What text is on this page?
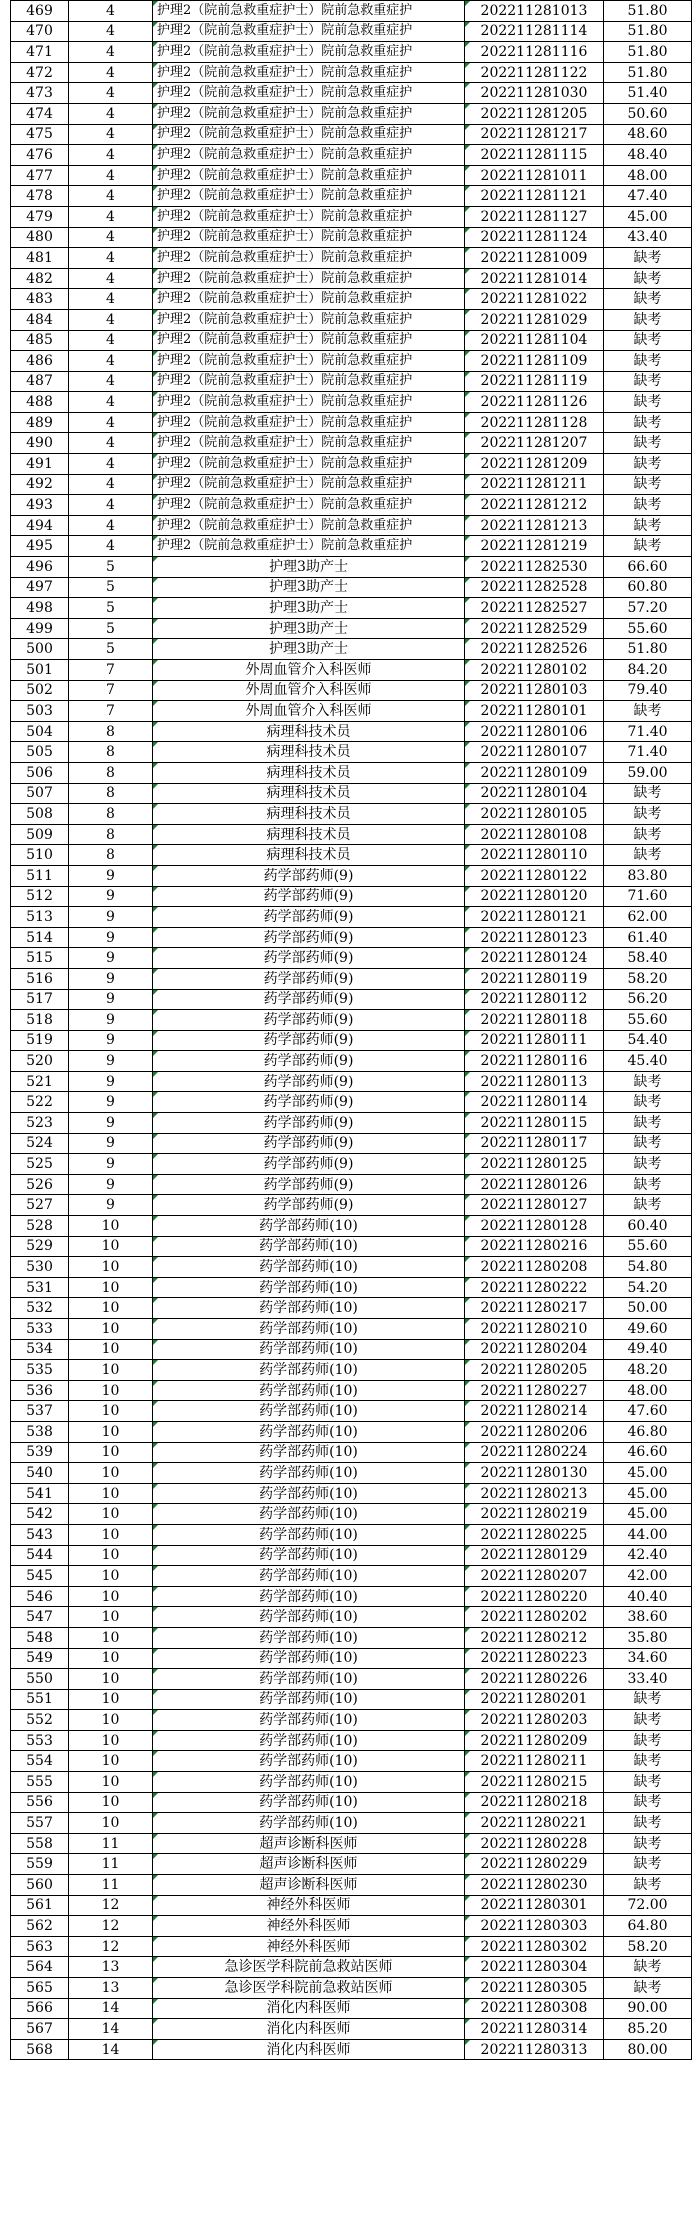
469	4	护理2（院前急救重症护士）院前急救重症护	202211281013	51.80
470	4	护理2（院前急救重症护士）院前急救重症护	202211281114	51.80
471	4	护理2（院前急救重症护士）院前急救重症护	202211281116	51.80
472	4	护理2（院前急救重症护士）院前急救重症护	202211281122	51.80
473	4	护理2（院前急救重症护士）院前急救重症护	202211281030	51.40
474	4	护理2（院前急救重症护士）院前急救重症护	202211281205	50.60
475	4	护理2（院前急救重症护士）院前急救重症护	202211281217	48.60
476	4	护理2（院前急救重症护士）院前急救重症护	202211281115	48.40
477	4	护理2（院前急救重症护士）院前急救重症护	202211281011	48.00
478	4	护理2（院前急救重症护士）院前急救重症护	202211281121	47.40
479	4	护理2（院前急救重症护士）院前急救重症护	202211281127	45.00
480	4	护理2（院前急救重症护士）院前急救重症护	202211281124	43.40
481	4	护理2（院前急救重症护士）院前急救重症护	202211281009	缺考
482	4	护理2（院前急救重症护士）院前急救重症护	202211281014	缺考
483	4	护理2（院前急救重症护士）院前急救重症护	202211281022	缺考
484	4	护理2（院前急救重症护士）院前急救重症护	202211281029	缺考
485	4	护理2（院前急救重症护士）院前急救重症护	202211281104	缺考
486	4	护理2（院前急救重症护士）院前急救重症护	202211281109	缺考
487	4	护理2（院前急救重症护士）院前急救重症护	202211281119	缺考
488	4	护理2（院前急救重症护士）院前急救重症护	202211281126	缺考
489	4	护理2（院前急救重症护士）院前急救重症护	202211281128	缺考
490	4	护理2（院前急救重症护士）院前急救重症护	202211281207	缺考
491	4	护理2（院前急救重症护士）院前急救重症护	202211281209	缺考
492	4	护理2（院前急救重症护士）院前急救重症护	202211281211	缺考
493	4	护理2（院前急救重症护士）院前急救重症护	202211281212	缺考
494	4	护理2（院前急救重症护士）院前急救重症护	202211281213	缺考
495	4	护理2（院前急救重症护士）院前急救重症护	202211281219	缺考
496	5	护理3助产士	202211282530	66.60
497	5	护理3助产士	202211282528	60.80
498	5	护理3助产士	202211282527	57.20
499	5	护理3助产士	202211282529	55.60
500	5	护理3助产士	202211282526	51.80
501	7	外周血管介入科医师	202211280102	84.20
502	7	外周血管介入科医师	202211280103	79.40
503	7	外周血管介入科医师	202211280101	缺考
504	8	病理科技术员	202211280106	71.40
505	8	病理科技术员	202211280107	71.40
506	8	病理科技术员	202211280109	59.00
507	8	病理科技术员	202211280104	缺考
508	8	病理科技术员	202211280105	缺考
509	8	病理科技术员	202211280108	缺考
510	8	病理科技术员	202211280110	缺考
511	9	药学部药师(9)	202211280122	83.80
512	9	药学部药师(9)	202211280120	71.60
513	9	药学部药师(9)	202211280121	62.00
514	9	药学部药师(9)	202211280123	61.40
515	9	药学部药师(9)	202211280124	58.40
516	9	药学部药师(9)	202211280119	58.20
517	9	药学部药师(9)	202211280112	56.20
518	9	药学部药师(9)	202211280118	55.60
519	9	药学部药师(9)	202211280111	54.40
520	9	药学部药师(9)	202211280116	45.40
521	9	药学部药师(9)	202211280113	缺考
522	9	药学部药师(9)	202211280114	缺考
523	9	药学部药师(9)	202211280115	缺考
524	9	药学部药师(9)	202211280117	缺考
525	9	药学部药师(9)	202211280125	缺考
526	9	药学部药师(9)	202211280126	缺考
527	9	药学部药师(9)	202211280127	缺考
528	10	药学部药师(10)	202211280128	60.40
529	10	药学部药师(10)	202211280216	55.60
530	10	药学部药师(10)	202211280208	54.80
531	10	药学部药师(10)	202211280222	54.20
532	10	药学部药师(10)	202211280217	50.00
533	10	药学部药师(10)	202211280210	49.60
534	10	药学部药师(10)	202211280204	49.40
535	10	药学部药师(10)	202211280205	48.20
536	10	药学部药师(10)	202211280227	48.00
537	10	药学部药师(10)	202211280214	47.60
538	10	药学部药师(10)	202211280206	46.80
539	10	药学部药师(10)	202211280224	46.60
540	10	药学部药师(10)	202211280130	45.00
541	10	药学部药师(10)	202211280213	45.00
542	10	药学部药师(10)	202211280219	45.00
543	10	药学部药师(10)	202211280225	44.00
544	10	药学部药师(10)	202211280129	42.40
545	10	药学部药师(10)	202211280207	42.00
546	10	药学部药师(10)	202211280220	40.40
547	10	药学部药师(10)	202211280202	38.60
548	10	药学部药师(10)	202211280212	35.80
549	10	药学部药师(10)	202211280223	34.60
550	10	药学部药师(10)	202211280226	33.40
551	10	药学部药师(10)	202211280201	缺考
552	10	药学部药师(10)	202211280203	缺考
553	10	药学部药师(10)	202211280209	缺考
554	10	药学部药师(10)	202211280211	缺考
555	10	药学部药师(10)	202211280215	缺考
556	10	药学部药师(10)	202211280218	缺考
557	10	药学部药师(10)	202211280221	缺考
558	11	超声诊断科医师	202211280228	缺考
559	11	超声诊断科医师	202211280229	缺考
560	11	超声诊断科医师	202211280230	缺考
561	12	神经外科医师	202211280301	72.00
562	12	神经外科医师	202211280303	64.80
563	12	神经外科医师	202211280302	58.20
564	13	急诊医学科院前急救站医师	202211280304	缺考
565	13	急诊医学科院前急救站医师	202211280305	缺考
566	14	消化内科医师	202211280308	90.00
567	14	消化内科医师	202211280314	85.20
568	14	消化内科医师	202211280313	80.00
